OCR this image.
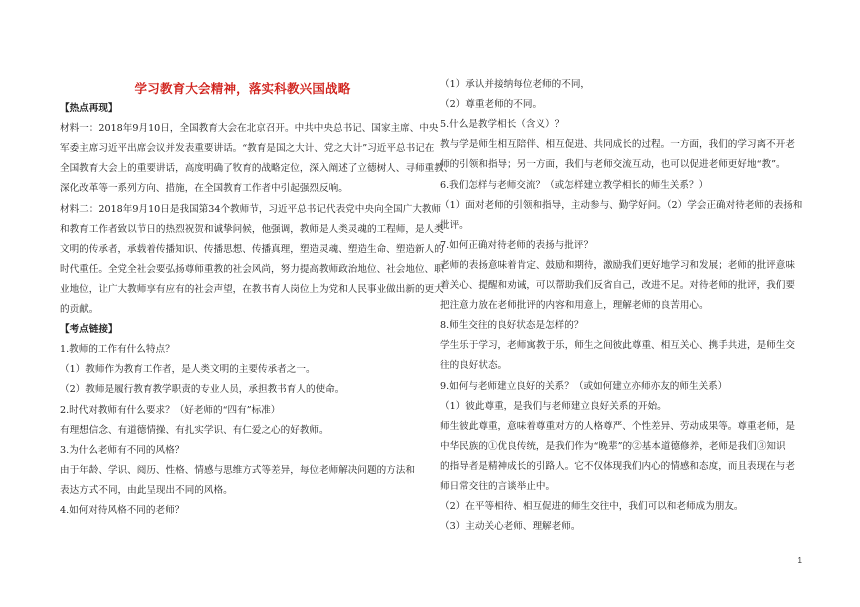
学习教育大会精神，落实科教兴国战略
【热点再现】
材料一：2018年9月10日，全国教育大会在北京召开。中共中央总书记、国家主席、中央
军委主席习近平出席会议并发表重要讲话。“教育是国之大计、党之大计”习近平总书记在
全国教育大会上的重要讲话，高度明确了牧育的战略定位，深入阐述了立德树人、寻师重教、
深化改革等一系列方向、措施，在全国教育工作者中引起强烈反响。
材料二：2018年9月10日是我国第34个教师节，习近平总书记代表党中央向全国广大教师
和教育工作者致以节日的热烈祝贺和诚挚问候，他强调，教师是人类灵魂的工程师，是人类
文明的传承者，承载着传播知识、传播思想、传播真理，塑造灵魂、塑造生命、塑造新人的
时代重任。全党全社会要弘扬尊师重教的社会风尚，努力提高教师政治地位、社会地位、职
业地位，让广大教师享有应有的社会声望，在教书育人岗位上为党和人民事业做出新的更大
的贡献。
【考点链接】
1.教师的工作有什么特点？
（1）教师作为教育工作者，是人类文明的主要传承者之一。
（2）教师是履行教育教学职责的专业人员，承担教书育人的使命。
2.时代对教师有什么要求？（好老师的“四有”标准）
有理想信念、有道德情操、有扎实学识、有仁爱之心的好教师。
3.为什么老师有不同的风格？
由于年龄、学识、阅历、性格、情感与思维方式等差异，每位老师解决问题的方法和
表达方式不同，由此呈现出不同的风格。
4.如何对待风格不同的老师？
（1）承认并接纳每位老师的不同，
（2）尊重老师的不同。
5.什么是教学相长（含义）？
教与学是师生相互陪伴、相互促进、共同成长的过程。一方面，我们的学习离不开老
师的引领和指导；另一方面，我们与老师交流互动，也可以促进老师更好地“教”。
6.我们怎样与老师交流？（或怎样建立教学相长的师生关系？）
（1）面对老师的引领和指导，主动参与、勤学好问。（2）学会正确对待老师的表扬和
批评。
7.如何正确对待老师的表扬与批评？
老师的表扬意味着肯定、鼓励和期待，激励我们更好地学习和发展；老师的批评意味
着关心、提醒和劝诫，可以帮助我们反省自己，改进不足。对待老师的批评，我们要
把注意力放在老师批评的内容和用意上，理解老师的良苦用心。
8.师生交往的良好状态是怎样的？
学生乐于学习，老师寓教于乐，师生之间彼此尊重、相互关心、携手共进，是师生交
往的良好状态。
9.如何与老师建立良好的关系？（或如何建立亦师亦友的师生关系）
（1）彼此尊重，是我们与老师建立良好关系的开始。
师生彼此尊重，意味着尊重对方的人格尊严、个性差异、劳动成果等。尊重老师，是
中华民族的①优良传统，是我们作为“晚辈”的②基本道德修养，老师是我们③知识
的指导者是精神成长的引路人。它不仅体现我们内心的情感和态度，而且表现在与老
师日常交往的言谈举止中。
（2）在平等相待、相互促进的师生交往中，我们可以和老师成为朋友。
（3）主动关心老师、理解老师。
1
